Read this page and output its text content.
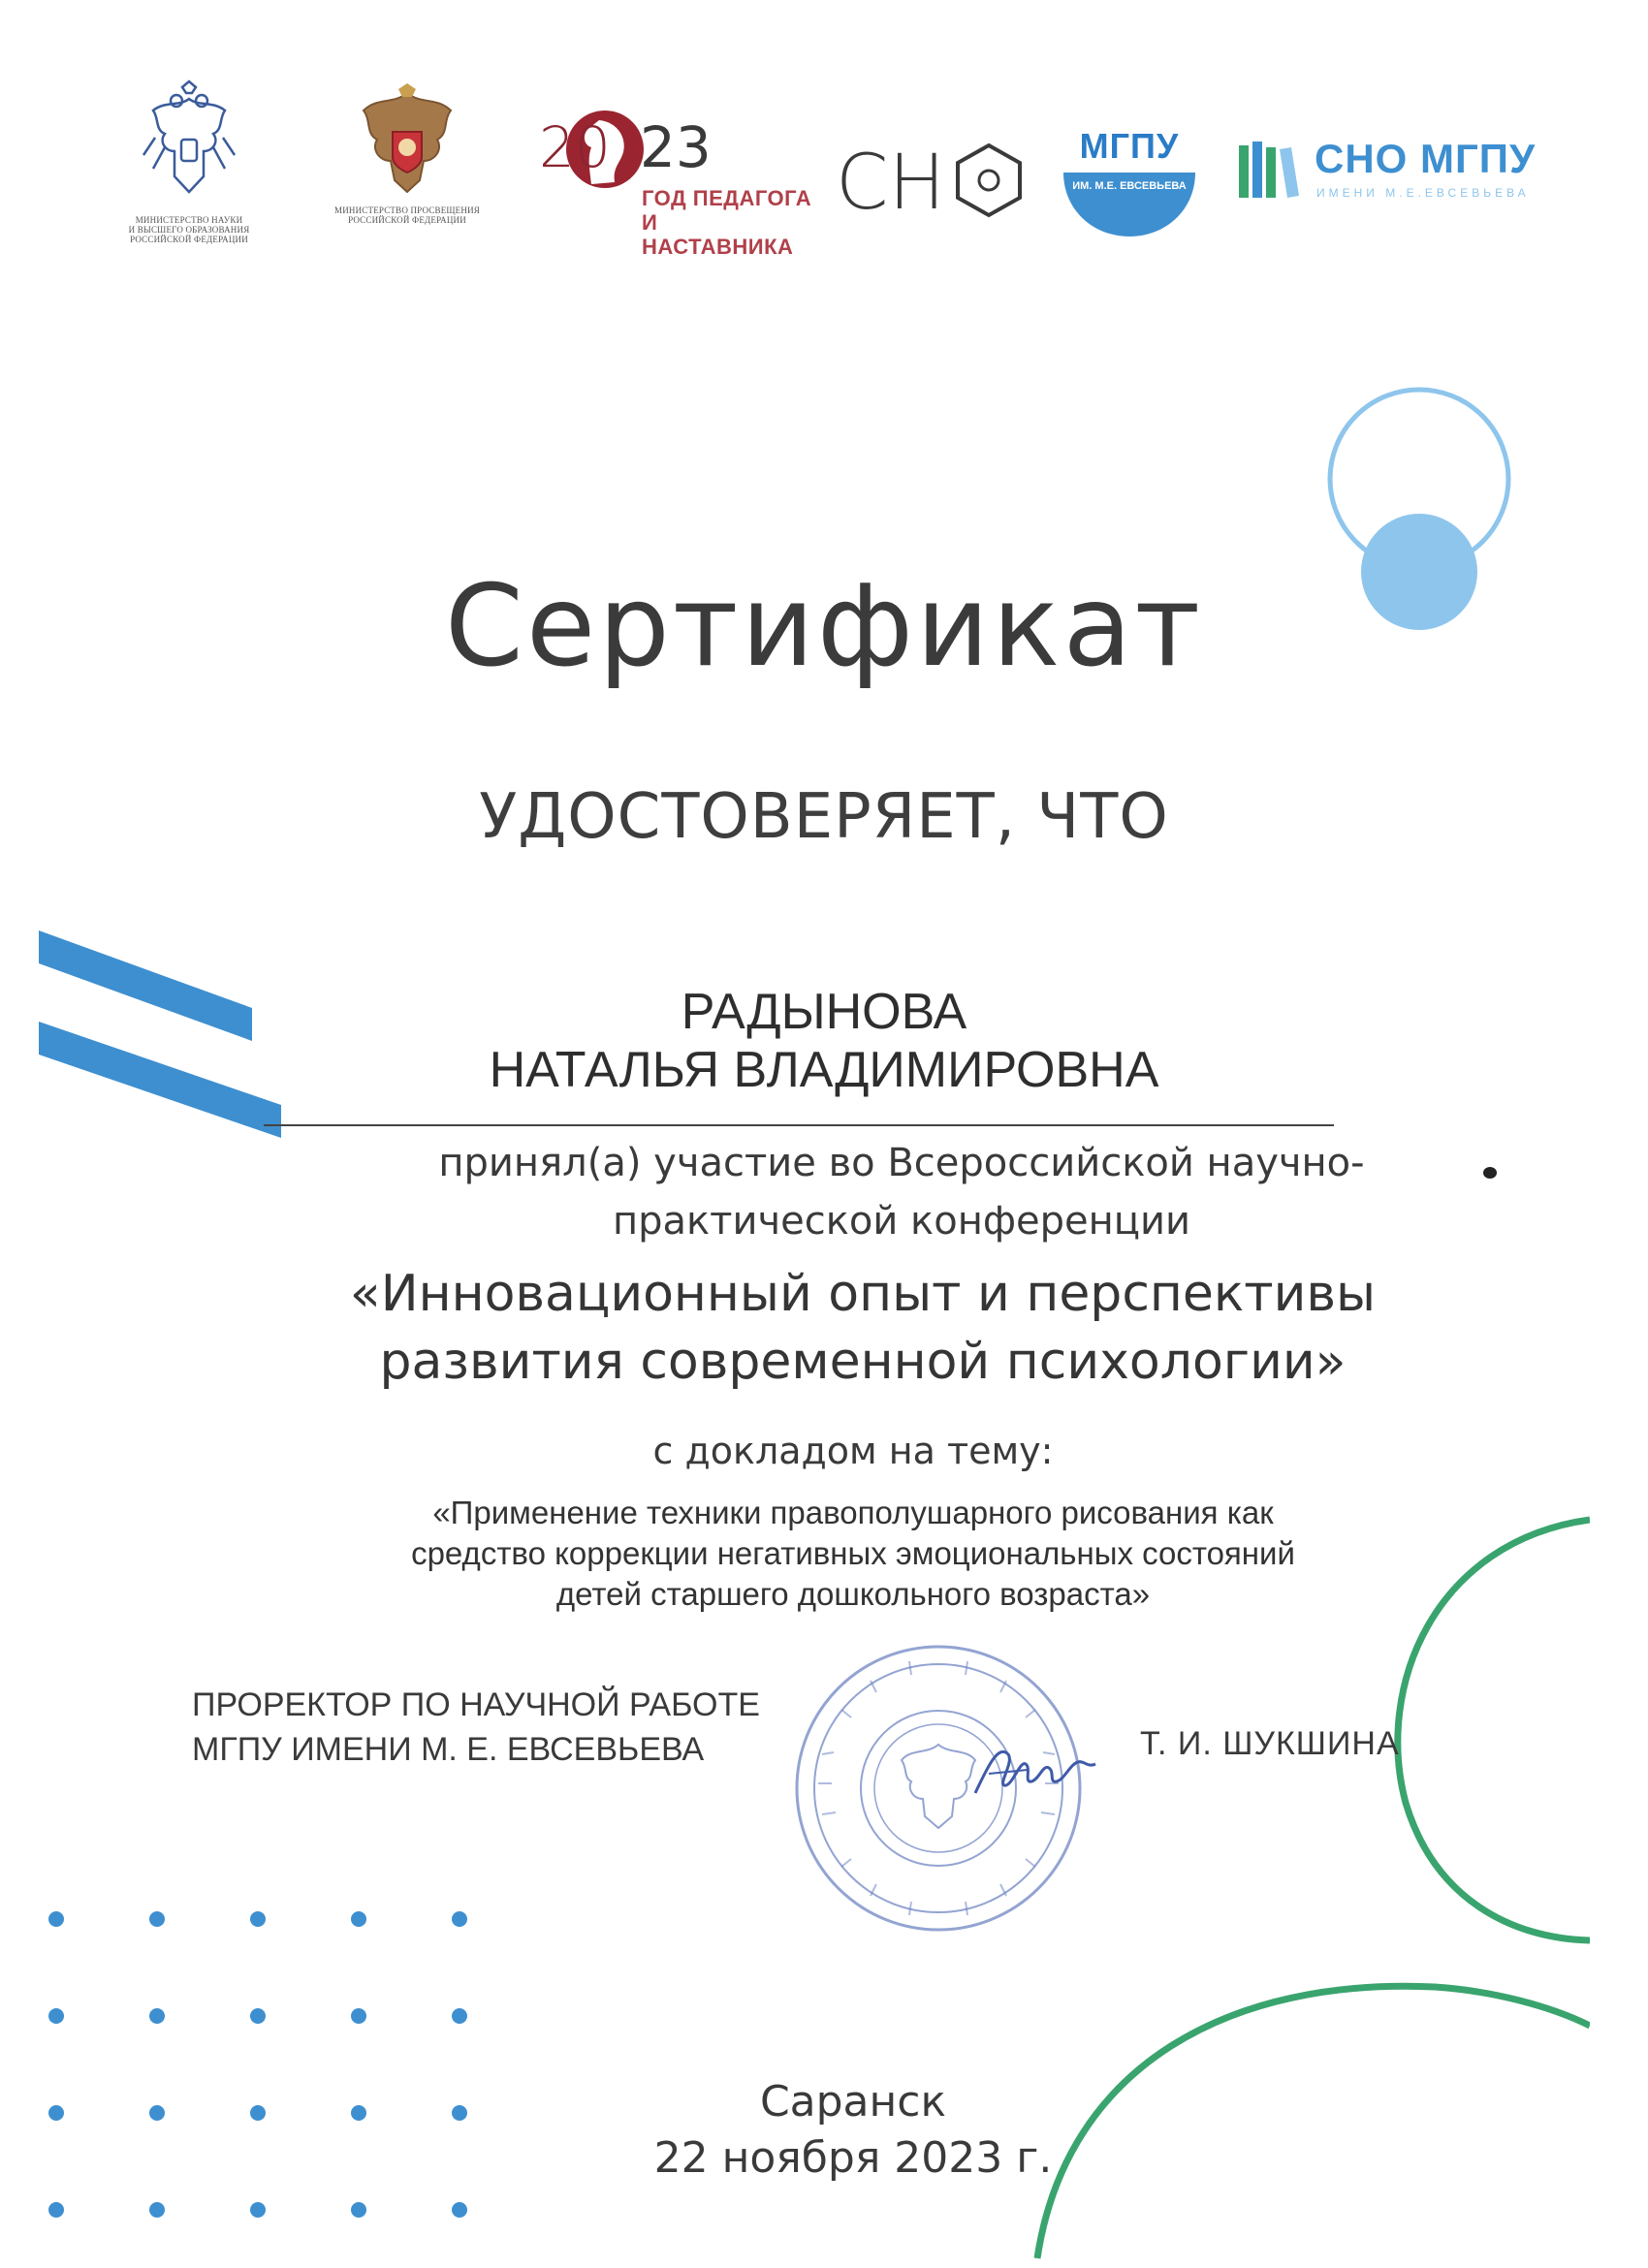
МИНИСТЕРСТВО НАУКИ
И ВЫСШЕГО ОБРАЗОВАНИЯ
РОССИЙСКОЙ ФЕДЕРАЦИИ
МИНИСТЕРСТВО ПРОСВЕЩЕНИЯ
РОССИЙСКОЙ ФЕДЕРАЦИИ
20 23
ГОД ПЕДАГОГА
И НАСТАВНИКА
СН	МГПУ
ИМ. М.Е. ЕВСЕВЬЕВА
СНО МГПУ
ИМЕНИ М.Е.ЕВСЕВЬЕВА
Сертификат
УДОСТОВЕРЯЕТ, ЧТО
РАДЫНОВА
НАТАЛЬЯ ВЛАДИМИРОВНА
принял(а) участие во Всероссийской научно-
практической конференции
«Инновационный опыт и перспективы
развития современной психологии»
с докладом на тему:
«Применение техники правополушарного рисования как
средство коррекции негативных эмоциональных состояний
детей старшего дошкольного возраста»
ПРОРЕКТОР ПО НАУЧНОЙ РАБОТЕ
МГПУ ИМЕНИ М. Е. ЕВСЕВЬЕВА	Т. И. ШУКШИНА
Саранск
22 ноября 2023 г.
